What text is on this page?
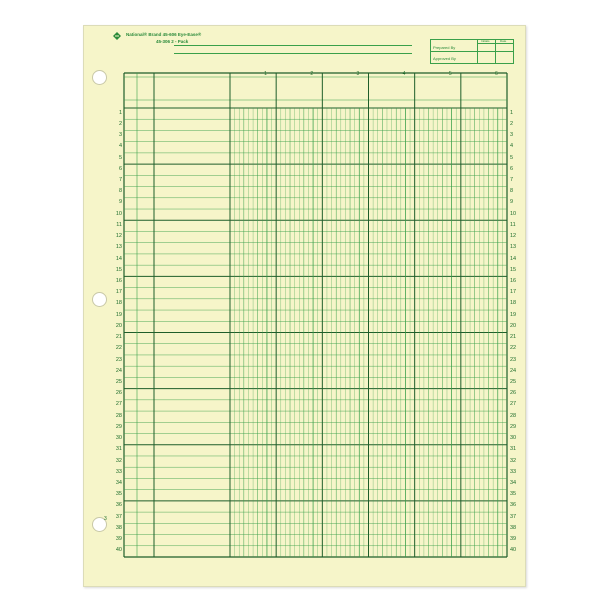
National® Brand 45-606 Eye-Ease®
45-306 2 - Pack	Initials	Date
Prepared By
Approved By
3
1	2	3	4	5	6
1
2
3
4
5
6
7
8
9
10
11
12
13
14
15
16
17
18
19
20
21
22
23
24
25
26
27
28
29
30
31
32
33
34
35
36
37
38
39
40
1
2
3
4
5
6
7
8
9
10
11
12
13
14
15
16
17
18
19
20
21
22
23
24
25
26
27
28
29
30
31
32
33
34
35
36
37
38
39
40
